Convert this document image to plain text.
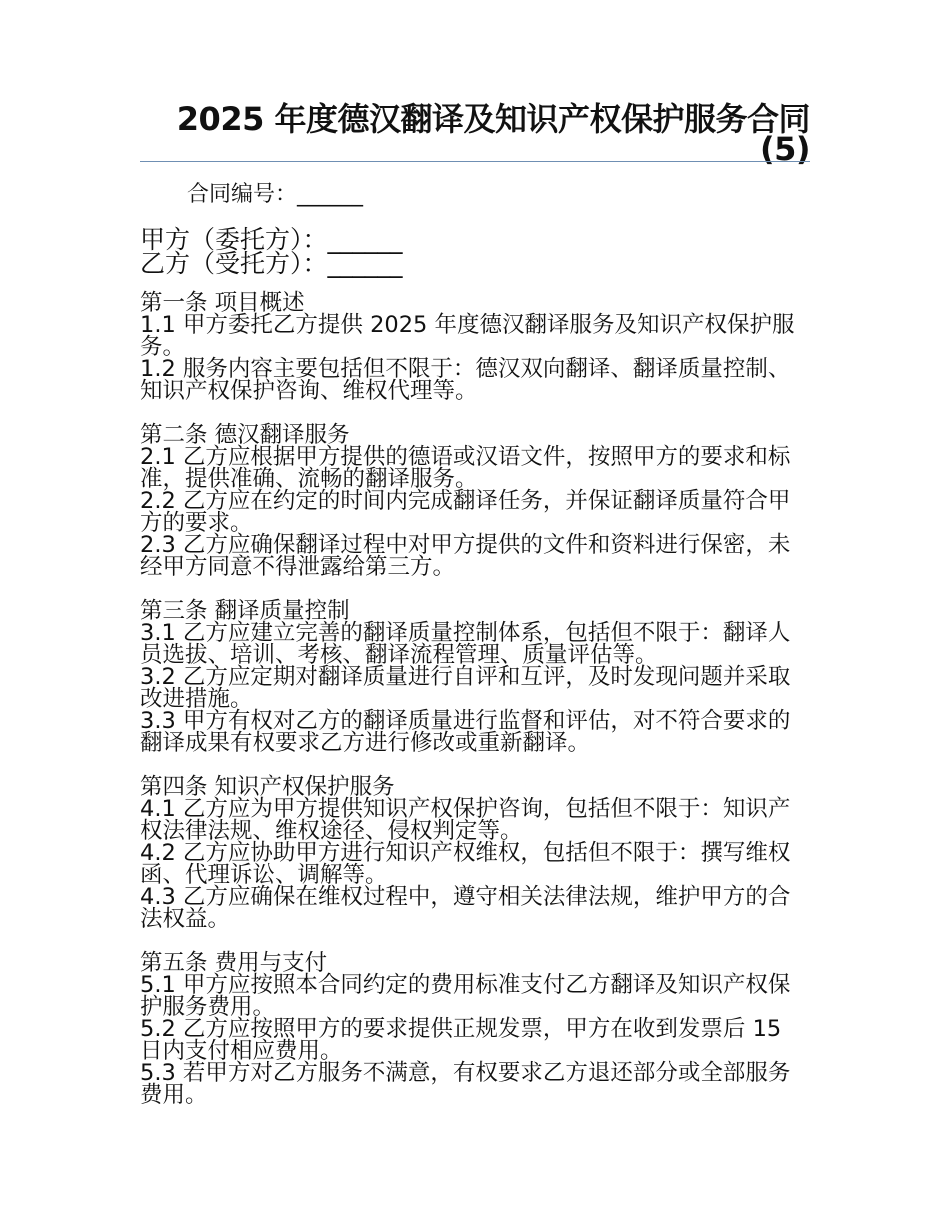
2025 年度德汉翻译及知识产权保护服务合同(5)
合同编号：______
甲方（委托方）：______
乙方（受托方）：______

第一条 项目概述

1.1 甲方委托乙方提供 2025 年度德汉翻译服务及知识产权保护服务。

1.2 服务内容主要包括但不限于：德汉双向翻译、翻译质量控制、知识产权保护咨询、维权代理等。

第二条 德汉翻译服务

2.1 乙方应根据甲方提供的德语或汉语文件，按照甲方的要求和标准，提供准确、流畅的翻译服务。

2.2 乙方应在约定的时间内完成翻译任务，并保证翻译质量符合甲方的要求。

2.3 乙方应确保翻译过程中对甲方提供的文件和资料进行保密，未经甲方同意不得泄露给第三方。

第三条 翻译质量控制

3.1 乙方应建立完善的翻译质量控制体系，包括但不限于：翻译人员选拔、培训、考核、翻译流程管理、质量评估等。

3.2 乙方应定期对翻译质量进行自评和互评，及时发现问题并采取改进措施。

3.3 甲方有权对乙方的翻译质量进行监督和评估，对不符合要求的翻译成果有权要求乙方进行修改或重新翻译。

第四条 知识产权保护服务

4.1 乙方应为甲方提供知识产权保护咨询，包括但不限于：知识产权法律法规、维权途径、侵权判定等。

4.2 乙方应协助甲方进行知识产权维权，包括但不限于：撰写维权函、代理诉讼、调解等。

4.3 乙方应确保在维权过程中，遵守相关法律法规，维护甲方的合法权益。

第五条 费用与支付

5.1 甲方应按照本合同约定的费用标准支付乙方翻译及知识产权保护服务费用。

5.2 乙方应按照甲方的要求提供正规发票，甲方在收到发票后 15 日内支付相应费用。

5.3 若甲方对乙方服务不满意，有权要求乙方退还部分或全部服务费用。
